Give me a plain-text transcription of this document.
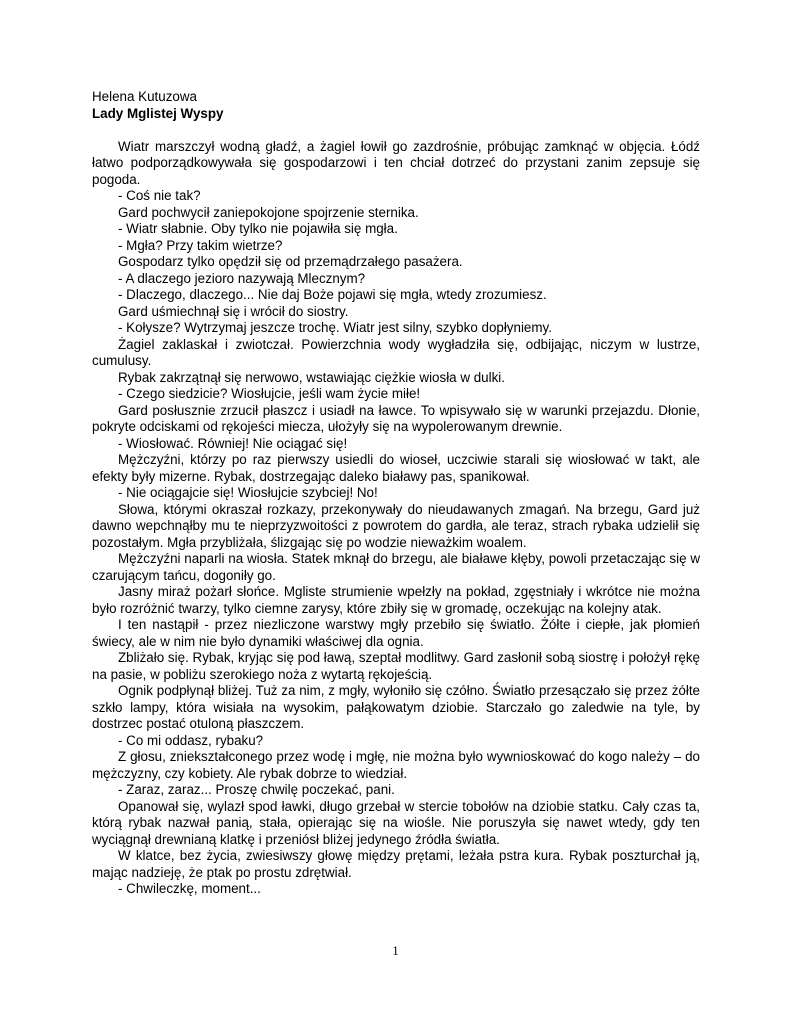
Helena Kutuzowa

Lady Mglistej Wyspy

Wiatr marszczył wodną gładź, a żagiel łowił go zazdrośnie, próbując zamknąć w objęcia. Łódź łatwo podporządkowywała się gospodarzowi i ten chciał dotrzeć do przystani zanim zepsuje się pogoda.

- Coś nie tak?

Gard pochwycił zaniepokojone spojrzenie sternika.

- Wiatr słabnie. Oby tylko nie pojawiła się mgła.

- Mgła? Przy takim wietrze?

Gospodarz tylko opędził się od przemądrzałego pasażera.

- A dlaczego jezioro nazywają Mlecznym?

- Dlaczego, dlaczego... Nie daj Boże pojawi się mgła, wtedy zrozumiesz.

Gard uśmiechnął się i wrócił do siostry.

- Kołysze? Wytrzymaj jeszcze trochę. Wiatr jest silny, szybko dopłyniemy.

Żagiel zaklaskał i zwiotczał. Powierzchnia wody wygładziła się, odbijając, niczym w lustrze, cumulusy.

Rybak zakrzątnął się nerwowo, wstawiając ciężkie wiosła w dulki.

- Czego siedzicie? Wiosłujcie, jeśli wam życie miłe!

Gard posłusznie zrzucił płaszcz i usiadł na ławce. To wpisywało się w warunki przejazdu. Dłonie, pokryte odciskami od rękojeści miecza, ułożyły się na wypolerowanym drewnie.

- Wiosłować. Równiej! Nie ociągać się!

Mężczyźni, którzy po raz pierwszy usiedli do wioseł, uczciwie starali się wiosłować w takt, ale efekty były mizerne. Rybak, dostrzegając daleko białawy pas, spanikował.

- Nie ociągajcie się! Wiosłujcie szybciej! No!

Słowa, którymi okraszał rozkazy, przekonywały do nieudawanych zmagań. Na brzegu, Gard już dawno wepchnąłby mu te nieprzyzwoitości z powrotem do gardła, ale teraz, strach rybaka udzielił się pozostałym. Mgła przybliżała, ślizgając się po wodzie nieważkim woalem.

Mężczyźni naparli na wiosła. Statek mknął do brzegu, ale białawe kłęby, powoli przetaczając się w czarującym tańcu, dogoniły go.

Jasny miraż pożarł słońce. Mgliste strumienie wpełzły na pokład, zgęstniały i wkrótce nie można było rozróżnić twarzy, tylko ciemne zarysy, które zbiły się w gromadę, oczekując na kolejny atak.

I ten nastąpił - przez niezliczone warstwy mgły przebiło się światło. Żółte i ciepłe, jak płomień świecy, ale w nim nie było dynamiki właściwej dla ognia.

Zbliżało się. Rybak, kryjąc się pod ławą, szeptał modlitwy. Gard zasłonił sobą siostrę i położył rękę na pasie, w pobliżu szerokiego noża z wytartą rękojeścią.

Ognik podpłynął bliżej. Tuż za nim, z mgły, wyłoniło się czółno. Światło przesączało się przez żółte szkło lampy, która wisiała na wysokim, pałąkowatym dziobie. Starczało go zaledwie na tyle, by dostrzec postać otuloną płaszczem.

- Co mi oddasz, rybaku?

Z głosu, zniekształconego przez wodę i mgłę, nie można było wywnioskować do kogo należy – do mężczyzny, czy kobiety. Ale rybak dobrze to wiedział.

- Zaraz, zaraz... Proszę chwilę poczekać, pani.

Opanował się, wylazł spod ławki, długo grzebał w stercie tobołów na dziobie statku. Cały czas ta, którą rybak nazwał panią, stała, opierając się na wiośle. Nie poruszyła się nawet wtedy, gdy ten wyciągnął drewnianą klatkę i przeniósł bliżej jedynego źródła światła.

W klatce, bez życia, zwiesiwszy głowę między prętami, leżała pstra kura. Rybak poszturchał ją, mając nadzieję, że ptak po prostu zdrętwiał.

- Chwileczkę, moment...

1
